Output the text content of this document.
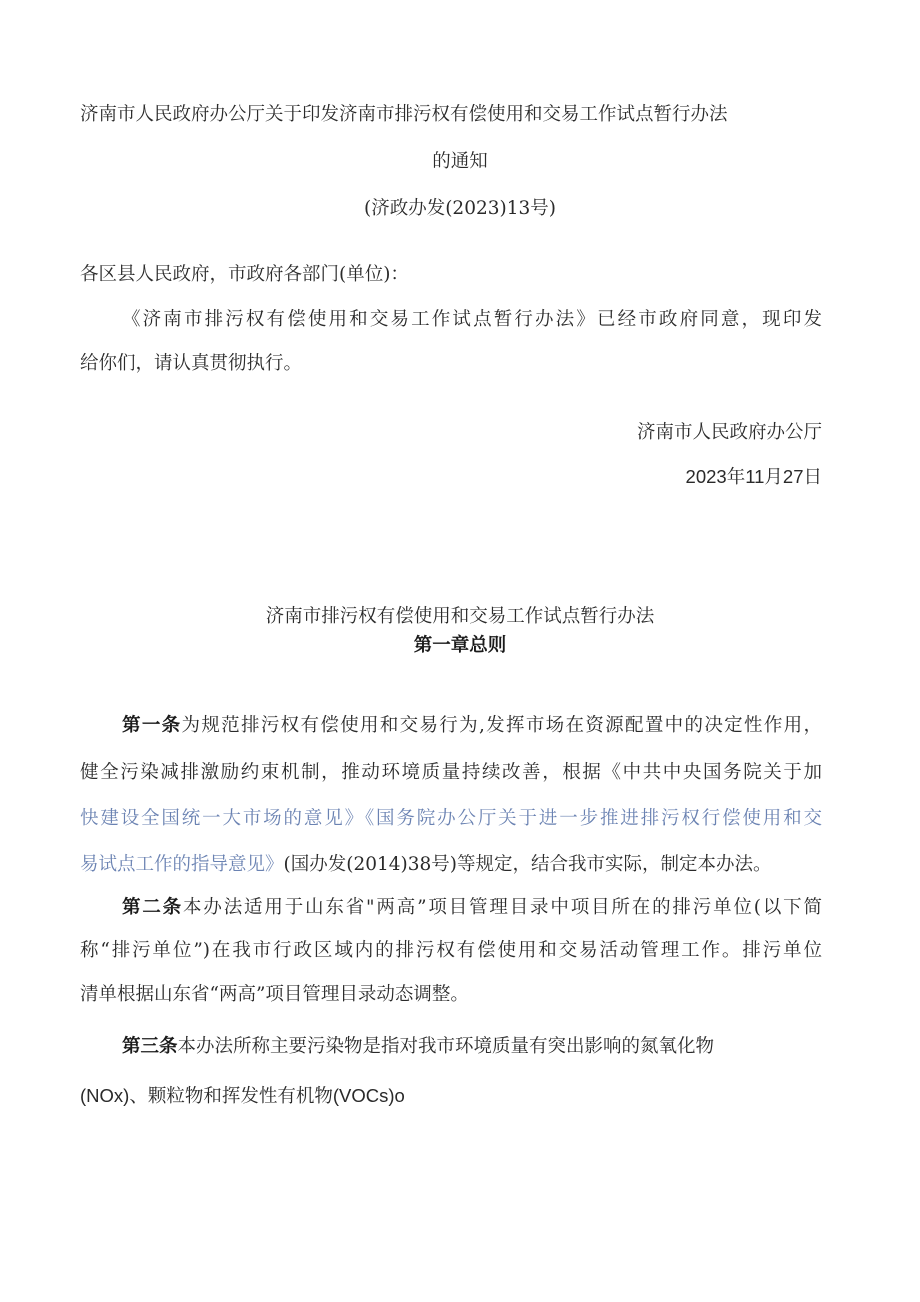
济南市人民政府办公厅关于印发济南市排污权有偿使用和交易工作试点暂行办法
的通知
(济政办发(2023)13号)
各区县人民政府，市政府各部门(单位)：
《济南市排污权有偿使用和交易工作试点暂行办法》已经市政府同意，现印发
给你们，请认真贯彻执行。
济南市人民政府办公厅
2023年11月27日
济南市排污权有偿使用和交易工作试点暂行办法
第一章总则
第一条为规范排污权有偿使用和交易行为,发挥市场在资源配置中的决定性作用，
健全污染减排激励约束机制，推动环境质量持续改善，根据《中共中央国务院关于加
快建设全国统一大市场的意见》《国务院办公厅关于进一步推进排污权行偿使用和交
易试点工作的指导意见》(国办发(2014)38号)等规定，结合我市实际，制定本办法。
第二条本办法适用于山东省"两高”项目管理目录中项目所在的排污单位(以下简
称“排污单位”)在我市行政区域内的排污权有偿使用和交易活动管理工作。排污单位
清单根据山东省“两高”项目管理目录动态调整。
第三条本办法所称主要污染物是指对我市环境质量有突出影响的氮氧化物
(NOx)、颗粒物和挥发性有机物(VOCs)o
